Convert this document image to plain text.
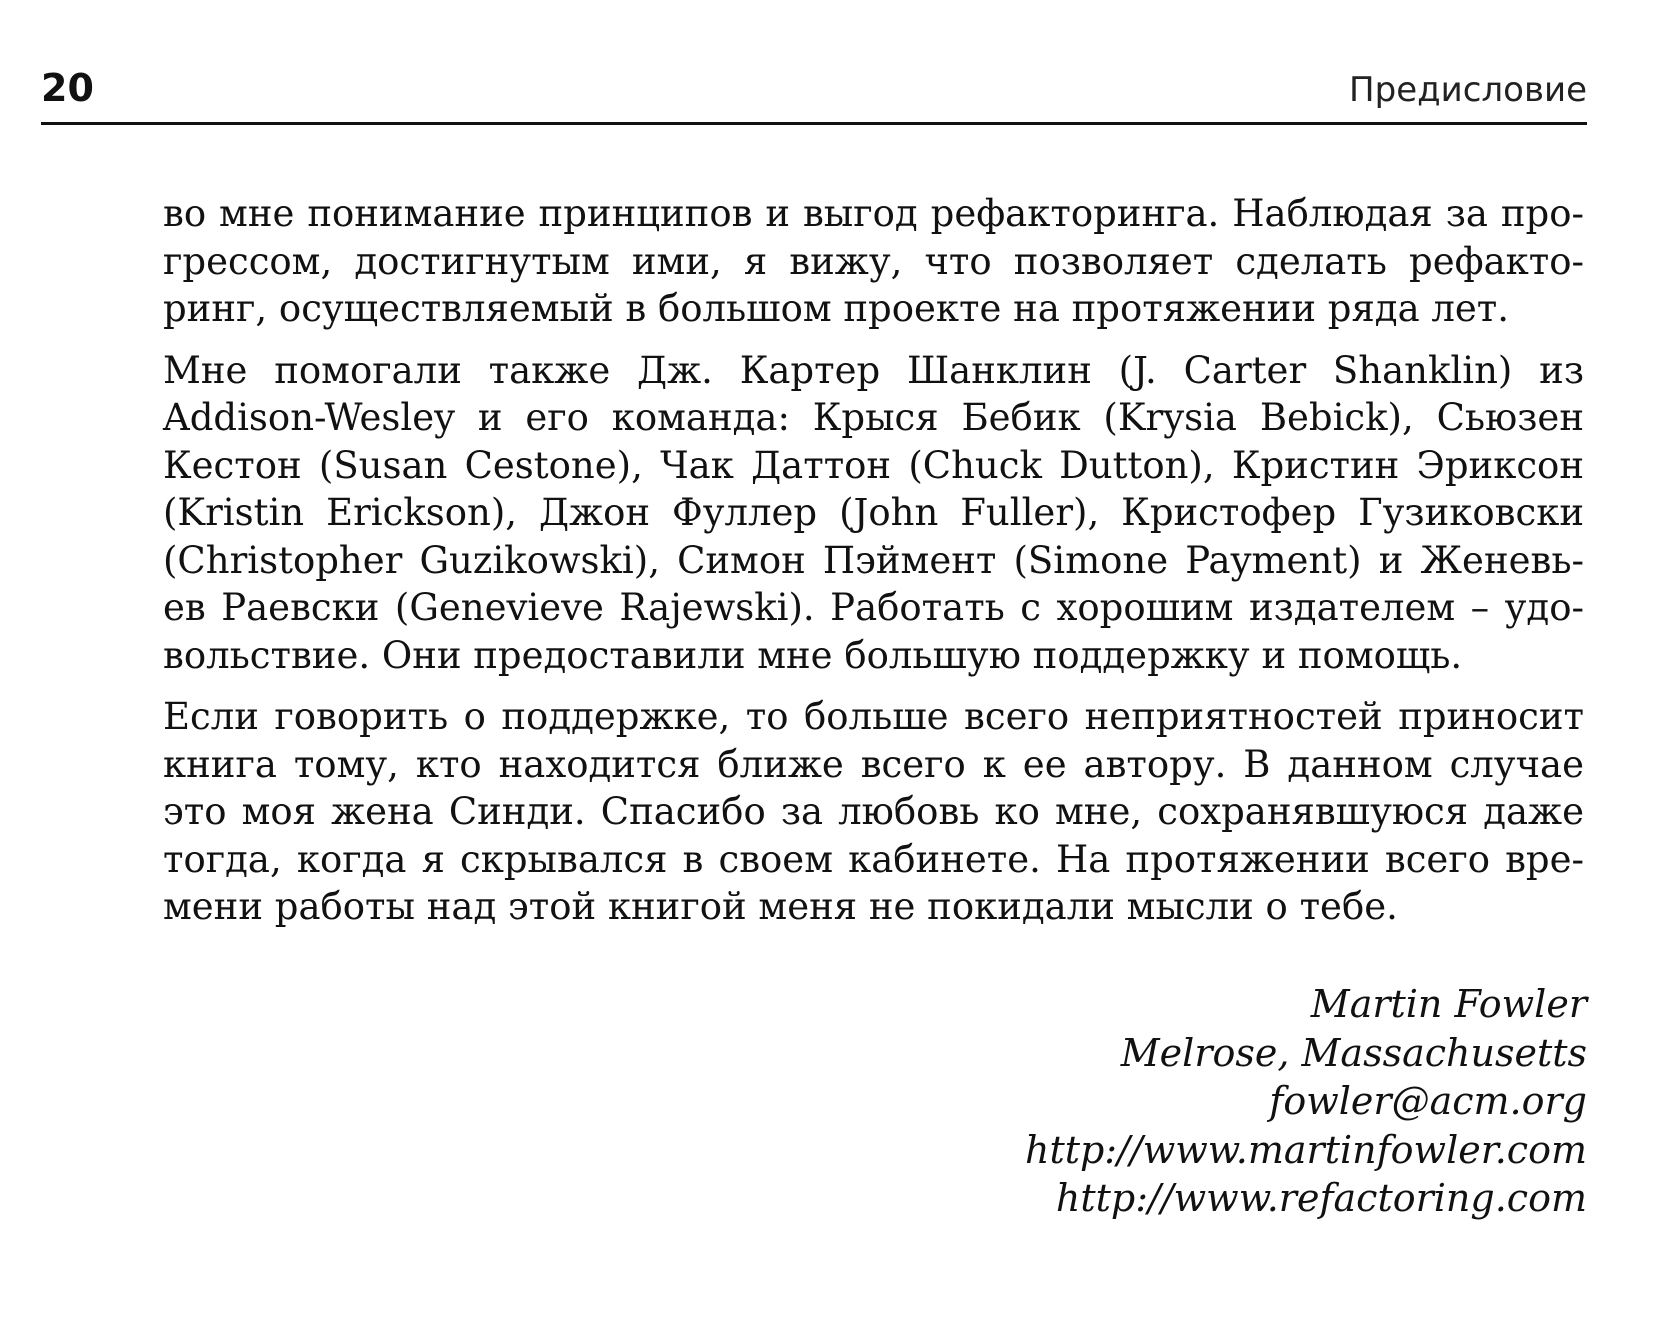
20	Предисловие

во мне понимание принципов и выгод рефакторинга. Наблюдая за про-
грессом, достигнутым ими, я вижу, что позволяет сделать рефакто-
ринг, осуществляемый в большом проекте на протяжении ряда лет.

Мне помогали также Дж. Картер Шанклин (J. Carter Shanklin) из
Addison-Wesley и его команда: Крыся Бебик (Krysia Bebick), Сьюзен
Кестон (Susan Cestone), Чак Даттон (Chuck Dutton), Кристин Эриксон
(Kristin Erickson), Джон Фуллер (John Fuller), Кристофер Гузиковски
(Christopher Guzikowski), Симон Пэймент (Simone Payment) и Женевь-
ев Раевски (Genevieve Rajewski). Работать с хорошим издателем – удо-
вольствие. Они предоставили мне большую поддержку и помощь.

Если говорить о поддержке, то больше всего неприятностей приносит
книга тому, кто находится ближе всего к ее автору. В данном случае
это моя жена Синди. Спасибо за любовь ко мне, сохранявшуюся даже
тогда, когда я скрывался в своем кабинете. На протяжении всего вре-
мени работы над этой книгой меня не покидали мысли о тебе.

Martin Fowler
Melrose, Massachusetts
fowler@acm.org
http://www.martinfowler.com
http://www.refactoring.com
